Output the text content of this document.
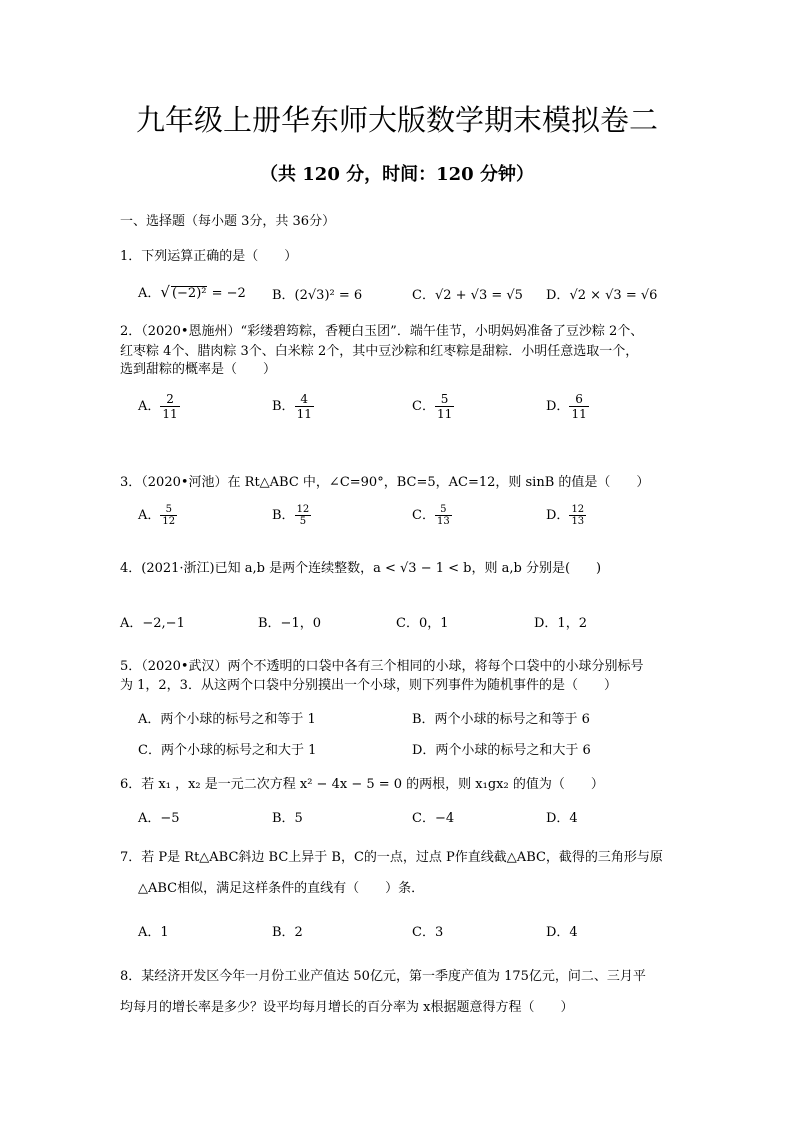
九年级上册华东师大版数学期末模拟卷二
（共 120 分，时间：120 分钟）
一、选择题（每小题 3分，共 36分）
1．下列运算正确的是（　　）
A．√ (−2)² = −2 B．(2√3)² = 6	C．√2 + √3 = √5 D．√2 × √3 = √6
2．（2020•恩施州）“彩缕碧筠粽，香粳白玉团”．端午佳节，小明妈妈准备了豆沙粽 2个、
红枣粽 4个、腊肉粽 3个、白米粽 2个，其中豆沙粽和红枣粽是甜粽．小明任意选取一个，
选到甜粽的概率是（　　）
A． $\frac{2}{11}$	B． $\frac{4}{11}$	C． $\frac{5}{11}$	D． $\frac{6}{11}$
3．（2020•河池）在 Rt△ABC 中，∠C=90°，BC=5，AC=12，则 sinB 的值是（　　）
A． $\frac{5}{12}$	B． $\frac{12}{5}$	C． $\frac{5}{13}$	D． $\frac{12}{13}$
4．(2021·浙江)已知 a,b 是两个连续整数，a < √3 − 1 < b，则 a,b 分别是(　　)
A．−2,−1	B．−1，0	C．0，1	D．1，2
5．（2020•武汉）两个不透明的口袋中各有三个相同的小球，将每个口袋中的小球分别标号
为 1，2，3．从这两个口袋中分别摸出一个小球，则下列事件为随机事件的是（　　）
A．两个小球的标号之和等于 1	B．两个小球的标号之和等于 6
C．两个小球的标号之和大于 1	D．两个小球的标号之和大于 6
6．若 x₁ ，x₂ 是一元二次方程 x² − 4x − 5 = 0 的两根，则 x₁gx₂ 的值为（　　）
A．−5	B．5	C．−4	D．4
7．若 P是 Rt△ABC斜边 BC上异于 B，C的一点，过点 P作直线截△ABC，截得的三角形与原
△ABC相似，满足这样条件的直线有（　　）条．
A．1	B．2	C．3	D．4
8．某经济开发区今年一月份工业产值达 50亿元，第一季度产值为 175亿元，问二、三月平
均每月的增长率是多少？设平均每月增长的百分率为 x根据题意得方程（　　）
